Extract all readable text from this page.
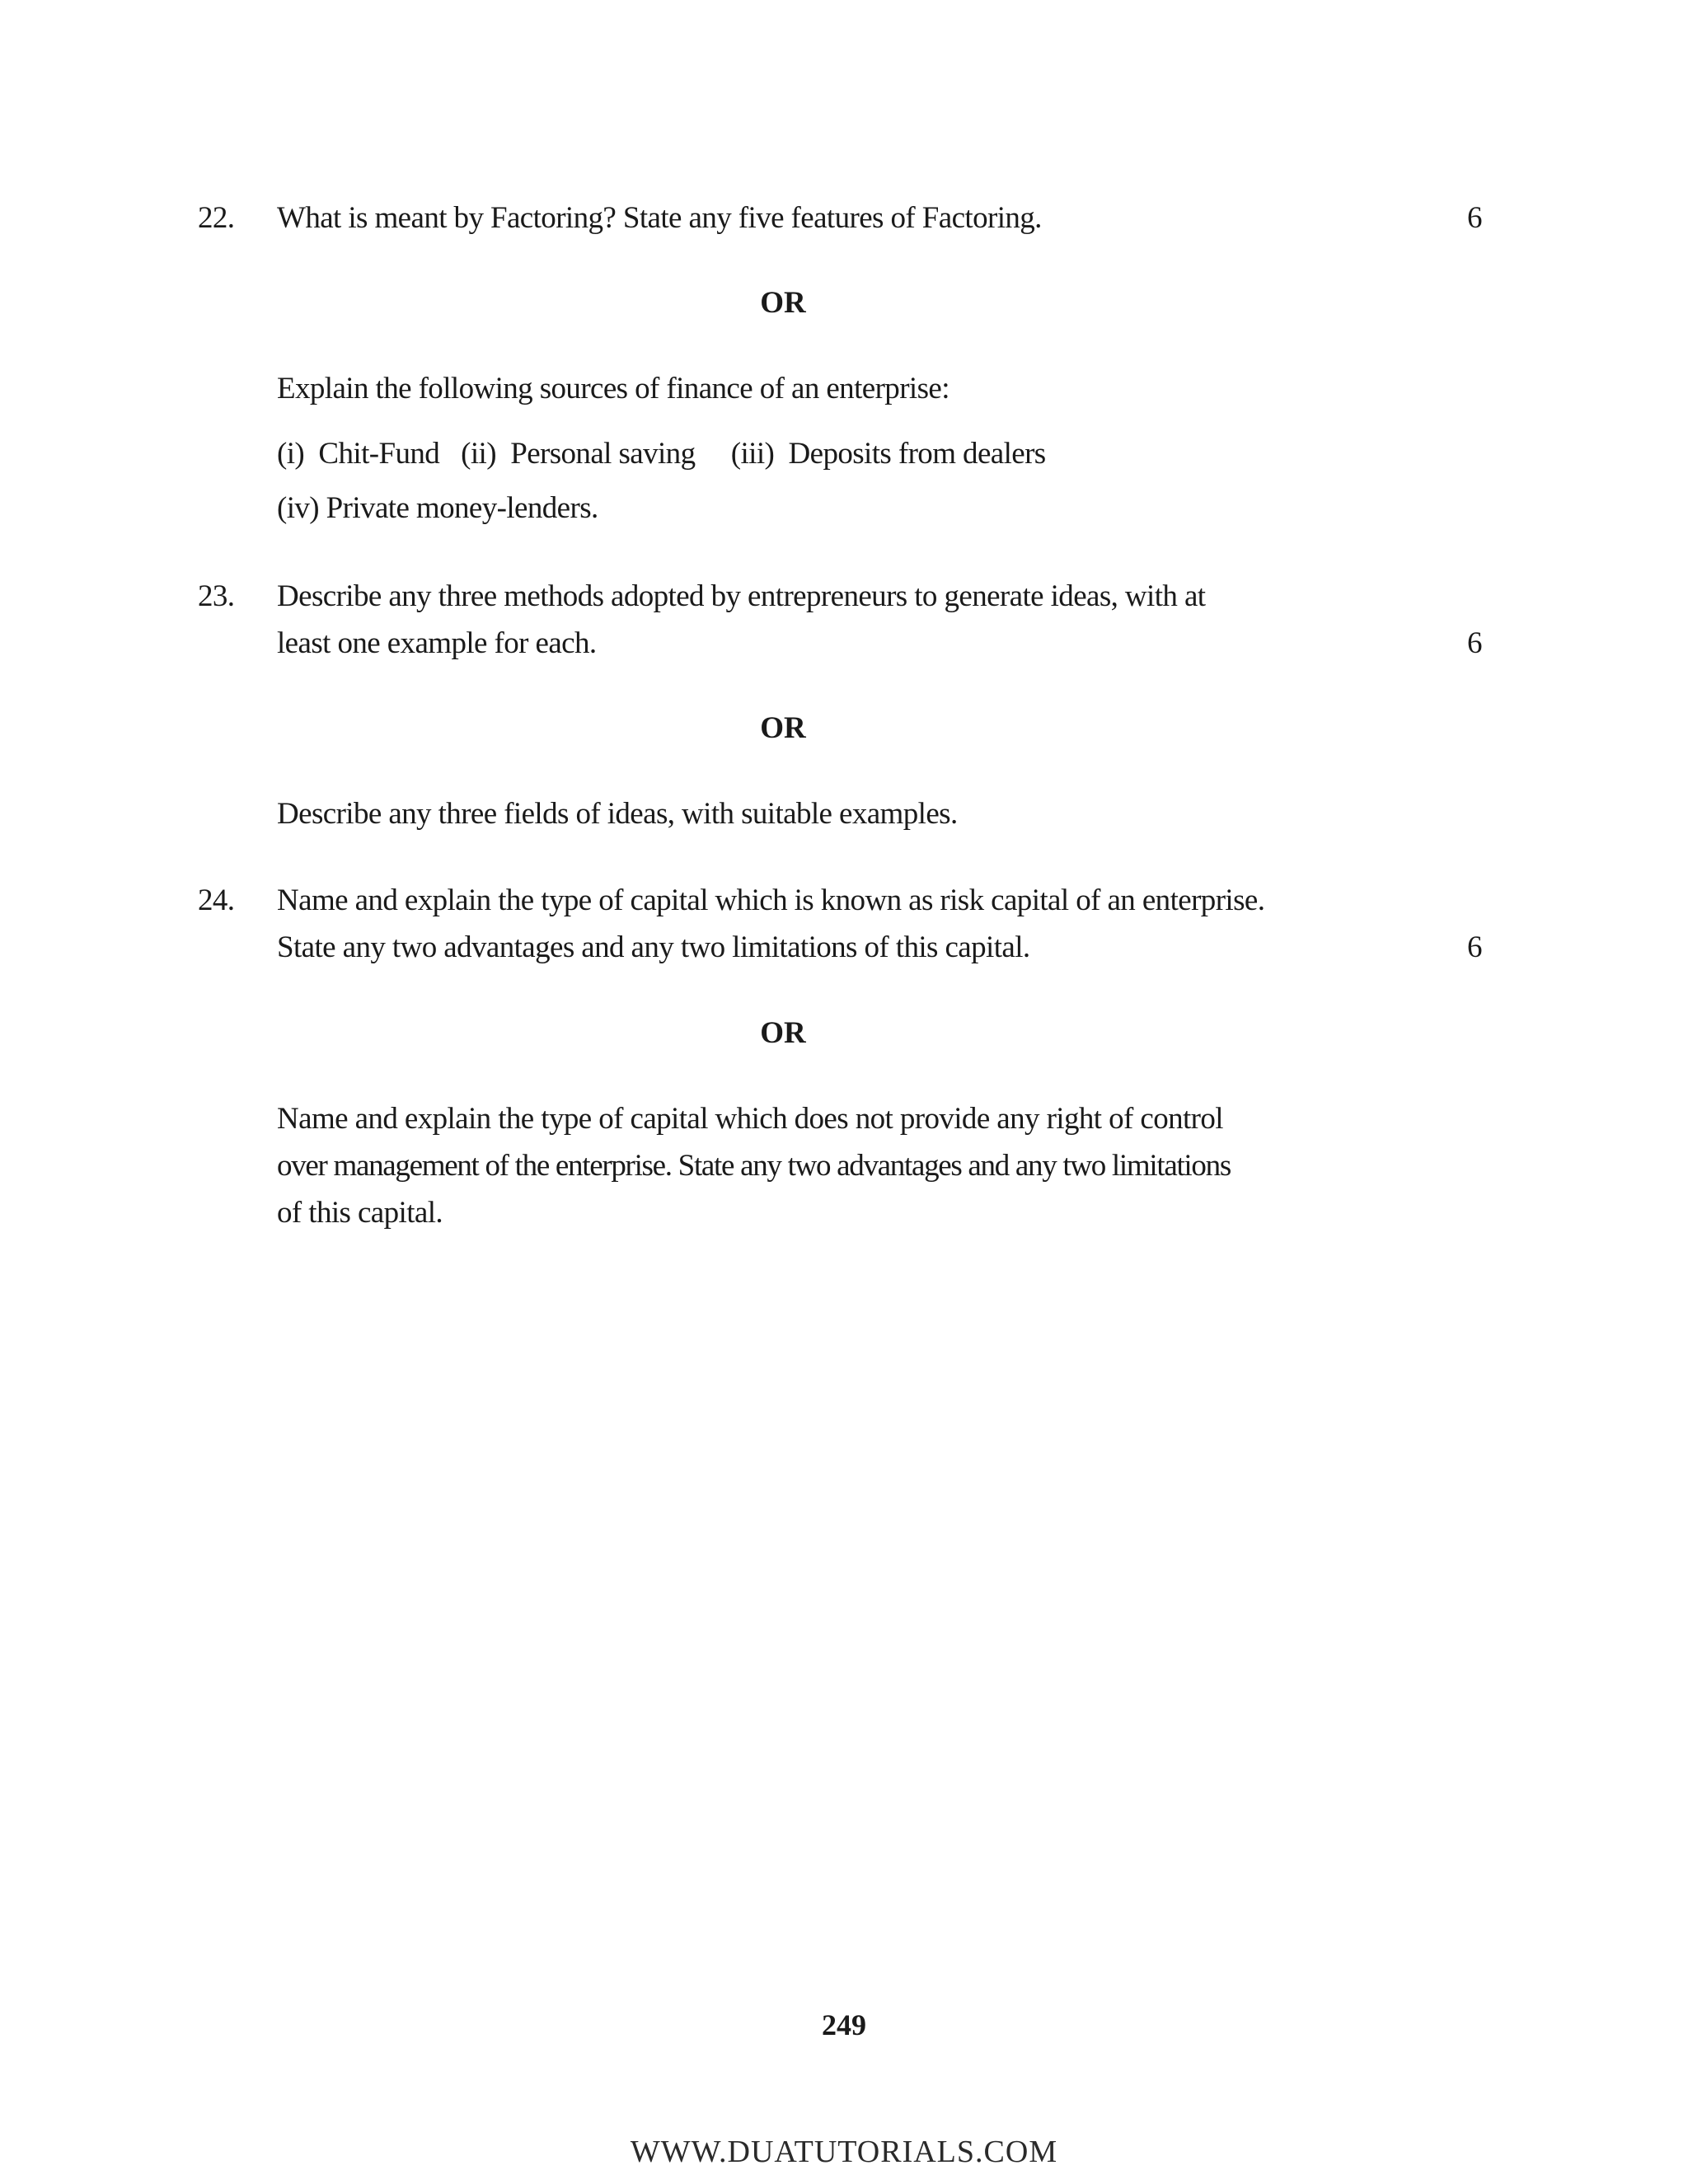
22. What is meant by Factoring? State any five features of Factoring.	6
OR
Explain the following sources of finance of an enterprise:
(i)  Chit-Fund   (ii)  Personal saving     (iii)  Deposits from dealers
(iv) Private money-lenders.
23. Describe any three methods adopted by entrepreneurs to generate ideas, with at
least one example for each.	6
OR
Describe any three fields of ideas, with suitable examples.
24. Name and explain the type of capital which is known as risk capital of an enterprise.
State any two advantages and any two limitations of this capital.	6
OR
Name and explain the type of capital which does not provide any right of control
over management of the enterprise. State any two advantages and any two limitations
of this capital.
249
WWW.DUATUTORIALS.COM
